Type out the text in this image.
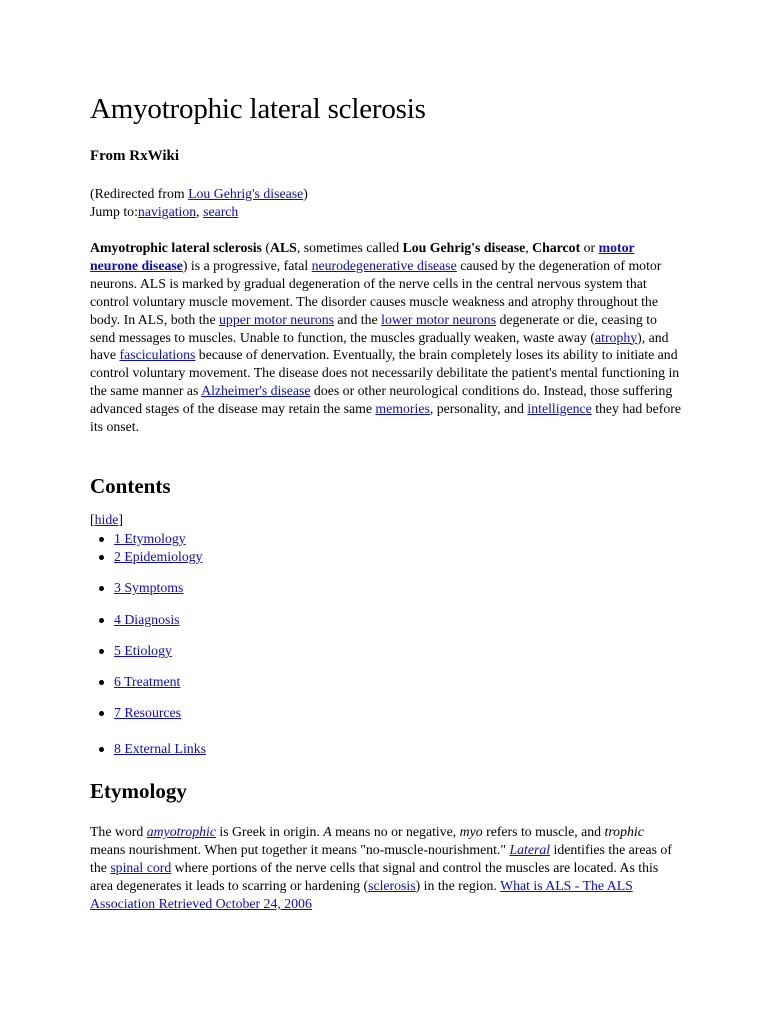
Amyotrophic lateral sclerosis
From RxWiki
(Redirected from Lou Gehrig's disease)
Jump to:navigation, search
Amyotrophic lateral sclerosis (ALS, sometimes called Lou Gehrig's disease, Charcot or motor neurone disease) is a progressive, fatal neurodegenerative disease caused by the degeneration of motor neurons. ALS is marked by gradual degeneration of the nerve cells in the central nervous system that control voluntary muscle movement. The disorder causes muscle weakness and atrophy throughout the body. In ALS, both the upper motor neurons and the lower motor neurons degenerate or die, ceasing to send messages to muscles. Unable to function, the muscles gradually weaken, waste away (atrophy), and have fasciculations because of denervation. Eventually, the brain completely loses its ability to initiate and control voluntary movement. The disease does not necessarily debilitate the patient's mental functioning in the same manner as Alzheimer's disease does or other neurological conditions do. Instead, those suffering advanced stages of the disease may retain the same memories, personality, and intelligence they had before its onset.
Contents
[hide]
1 Etymology
2 Epidemiology
3 Symptoms
4 Diagnosis
5 Etiology
6 Treatment
7 Resources
8 External Links
Etymology
The word amyotrophic is Greek in origin. A means no or negative, myo refers to muscle, and trophic means nourishment. When put together it means "no-muscle-nourishment." Lateral identifies the areas of the spinal cord where portions of the nerve cells that signal and control the muscles are located. As this area degenerates it leads to scarring or hardening (sclerosis) in the region. What is ALS - The ALS Association Retrieved October 24, 2006
